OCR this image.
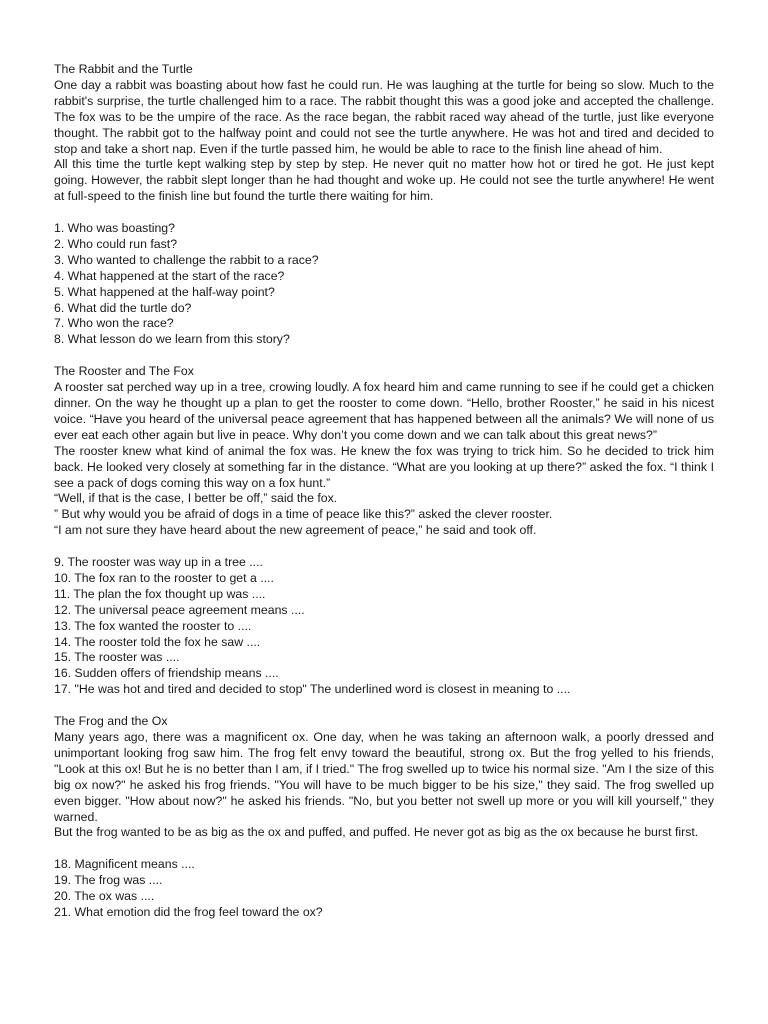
The Rabbit and the Turtle

One day a rabbit was boasting about how fast he could run. He was laughing at the turtle for being so slow. Much to the rabbit's surprise, the turtle challenged him to a race. The rabbit thought this was a good joke and accepted the challenge. The fox was to be the umpire of the race. As the race began, the rabbit raced way ahead of the turtle, just like everyone thought. The rabbit got to the halfway point and could not see the turtle anywhere. He was hot and tired and decided to stop and take a short nap. Even if the turtle passed him, he would be able to race to the finish line ahead of him.

All this time the turtle kept walking step by step by step. He never quit no matter how hot or tired he got. He just kept going. However, the rabbit slept longer than he had thought and woke up. He could not see the turtle anywhere! He went at full-speed to the finish line but found the turtle there waiting for him.

1. Who was boasting?
2. Who could run fast?
3. Who wanted to challenge the rabbit to a race?
4. What happened at the start of the race?
5. What happened at the half-way point?
6. What did the turtle do?
7. Who won the race?
8. What lesson do we learn from this story?
The Rooster and The Fox

A rooster sat perched way up in a tree, crowing loudly. A fox heard him and came running to see if he could get a chicken dinner. On the way he thought up a plan to get the rooster to come down. “Hello, brother Rooster,” he said in his nicest voice. “Have you heard of the universal peace agreement that has happened between all the animals? We will none of us ever eat each other again but live in peace. Why don’t you come down and we can talk about this great news?”

The rooster knew what kind of animal the fox was. He knew the fox was trying to trick him. So he decided to trick him back. He looked very closely at something far in the distance. “What are you looking at up there?” asked the fox. “I think I see a pack of dogs coming this way on a fox hunt.”

“Well, if that is the case, I better be off,” said the fox.

” But why would you be afraid of dogs in a time of peace like this?” asked the clever rooster.

“I am not sure they have heard about the new agreement of peace,” he said and took off.

9. The rooster was way up in a tree ....
10. The fox ran to the rooster to get a ....
11. The plan the fox thought up was ....
12. The universal peace agreement means ....
13. The fox wanted the rooster to ....
14. The rooster told the fox he saw ....
15. The rooster was ....
16. Sudden offers of friendship means ....
17. "He was hot and tired and decided to stop" The underlined word is closest in meaning to ....
The Frog and the Ox

Many years ago, there was a magnificent ox. One day, when he was taking an afternoon walk, a poorly dressed and unimportant looking frog saw him. The frog felt envy toward the beautiful, strong ox. But the frog yelled to his friends, "Look at this ox! But he is no better than I am, if I tried." The frog swelled up to twice his normal size. "Am I the size of this big ox now?" he asked his frog friends. "You will have to be much bigger to be his size," they said. The frog swelled up even bigger. "How about now?" he asked his friends. "No, but you better not swell up more or you will kill yourself," they warned.

But the frog wanted to be as big as the ox and puffed, and puffed. He never got as big as the ox because he burst first.

18. Magnificent means ....
19. The frog was ....
20. The ox was ....
21. What emotion did the frog feel toward the ox?
